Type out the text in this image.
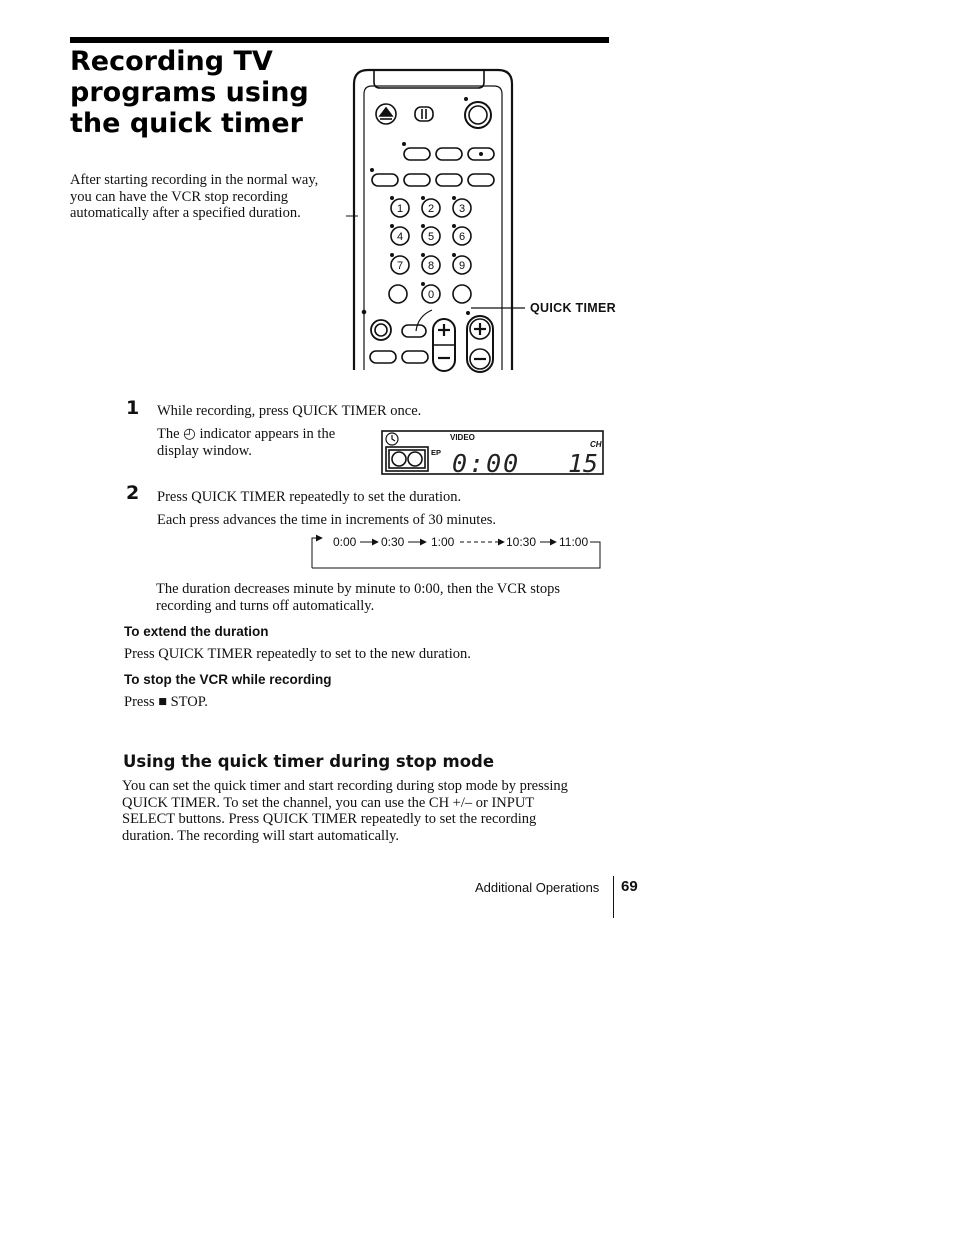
Recording TV programs using the quick timer

After starting recording in the normal way, you can have the VCR stop recording automatically after a specified duration.	1 2 3
4 5 6
7 8 9
0
QUICK TIMER
1 While recording, press QUICK TIMER once.
The ◴ indicator appears in the display window.
VIDEO
CH
EP 0:00 15
2 Press QUICK TIMER repeatedly to set the duration.
Each press advances the time in increments of 30 minutes.
0:00 0:30 1:00	10:30 11:00

The duration decreases minute by minute to 0:00, then the VCR stops recording and turns off automatically.

To extend the duration
Press QUICK TIMER repeatedly to set to the new duration.
To stop the VCR while recording
Press ■ STOP.
Using the quick timer during stop mode

You can set the quick timer and start recording during stop mode by pressing QUICK TIMER. To set the channel, you can use the CH +/– or INPUT SELECT buttons. Press QUICK TIMER repeatedly to set the recording duration. The recording will start automatically.

Additional Operations 69
